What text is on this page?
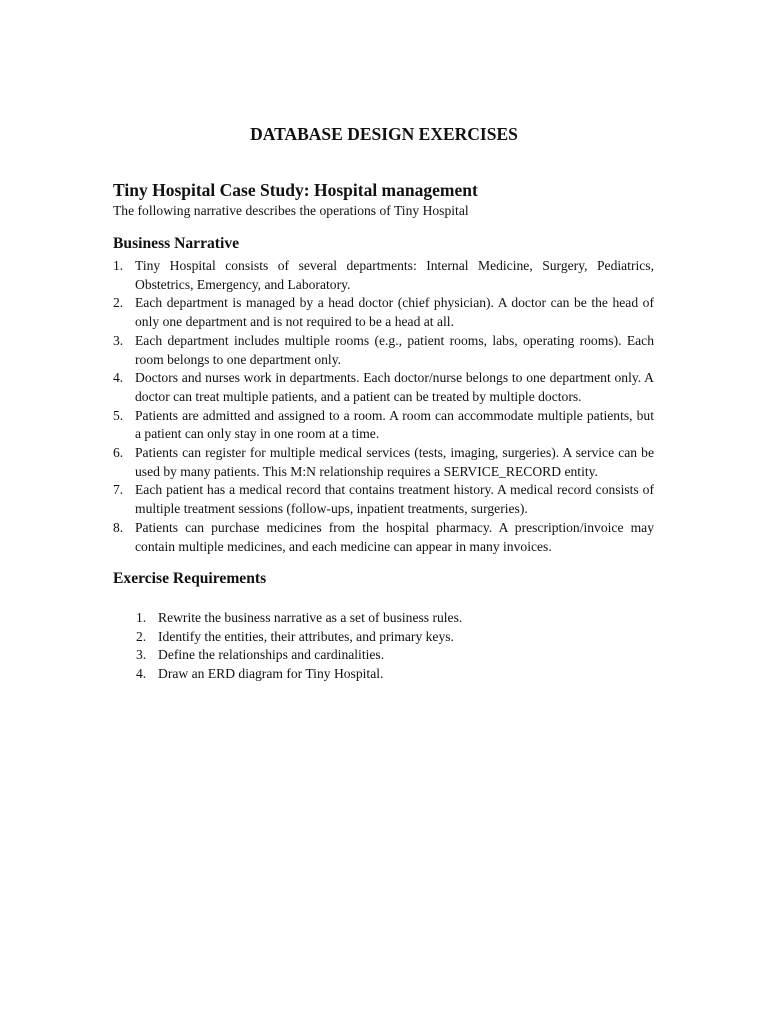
DATABASE DESIGN EXERCISES
Tiny Hospital Case Study: Hospital management
The following narrative describes the operations of Tiny Hospital
Business Narrative
1. Tiny Hospital consists of several departments: Internal Medicine, Surgery, Pediatrics, Obstetrics, Emergency, and Laboratory.
2. Each department is managed by a head doctor (chief physician). A doctor can be the head of only one department and is not required to be a head at all.
3. Each department includes multiple rooms (e.g., patient rooms, labs, operating rooms). Each room belongs to one department only.
4. Doctors and nurses work in departments. Each doctor/nurse belongs to one department only. A doctor can treat multiple patients, and a patient can be treated by multiple doctors.
5. Patients are admitted and assigned to a room. A room can accommodate multiple patients, but a patient can only stay in one room at a time.
6. Patients can register for multiple medical services (tests, imaging, surgeries). A service can be used by many patients. This M:N relationship requires a SERVICE_RECORD entity.
7. Each patient has a medical record that contains treatment history. A medical record consists of multiple treatment sessions (follow-ups, inpatient treatments, surgeries).
8. Patients can purchase medicines from the hospital pharmacy. A prescription/invoice may contain multiple medicines, and each medicine can appear in many invoices.
Exercise Requirements
1. Rewrite the business narrative as a set of business rules.
2. Identify the entities, their attributes, and primary keys.
3. Define the relationships and cardinalities.
4. Draw an ERD diagram for Tiny Hospital.
